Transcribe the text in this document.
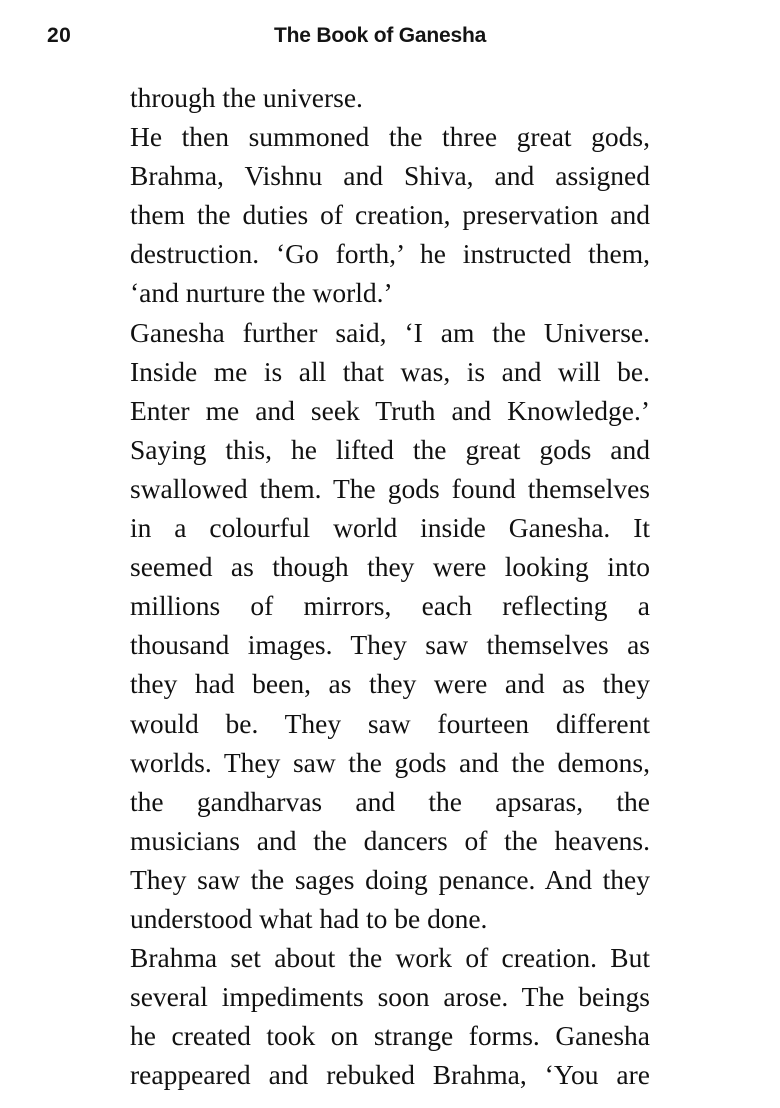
20	The Book of Ganesha
through the universe.
He then summoned the three great gods,
Brahma, Vishnu and Shiva, and assigned
them the duties of creation, preservation and
destruction. ‘Go forth,’ he instructed them,
‘and nurture the world.’
Ganesha further said, ‘I am the Universe.
Inside me is all that was, is and will be.
Enter me and seek Truth and Knowledge.’
Saying this, he lifted the great gods and
swallowed them. The gods found themselves
in a colourful world inside Ganesha. It
seemed as though they were looking into
millions of mirrors, each reflecting a
thousand images. They saw themselves as
they had been, as they were and as they
would be. They saw fourteen different
worlds. They saw the gods and the demons,
the gandharvas and the apsaras, the
musicians and the dancers of the heavens.
They saw the sages doing penance. And they
understood what had to be done.
Brahma set about the work of creation. But
several impediments soon arose. The beings
he created took on strange forms. Ganesha
reappeared and rebuked Brahma, ‘You are
